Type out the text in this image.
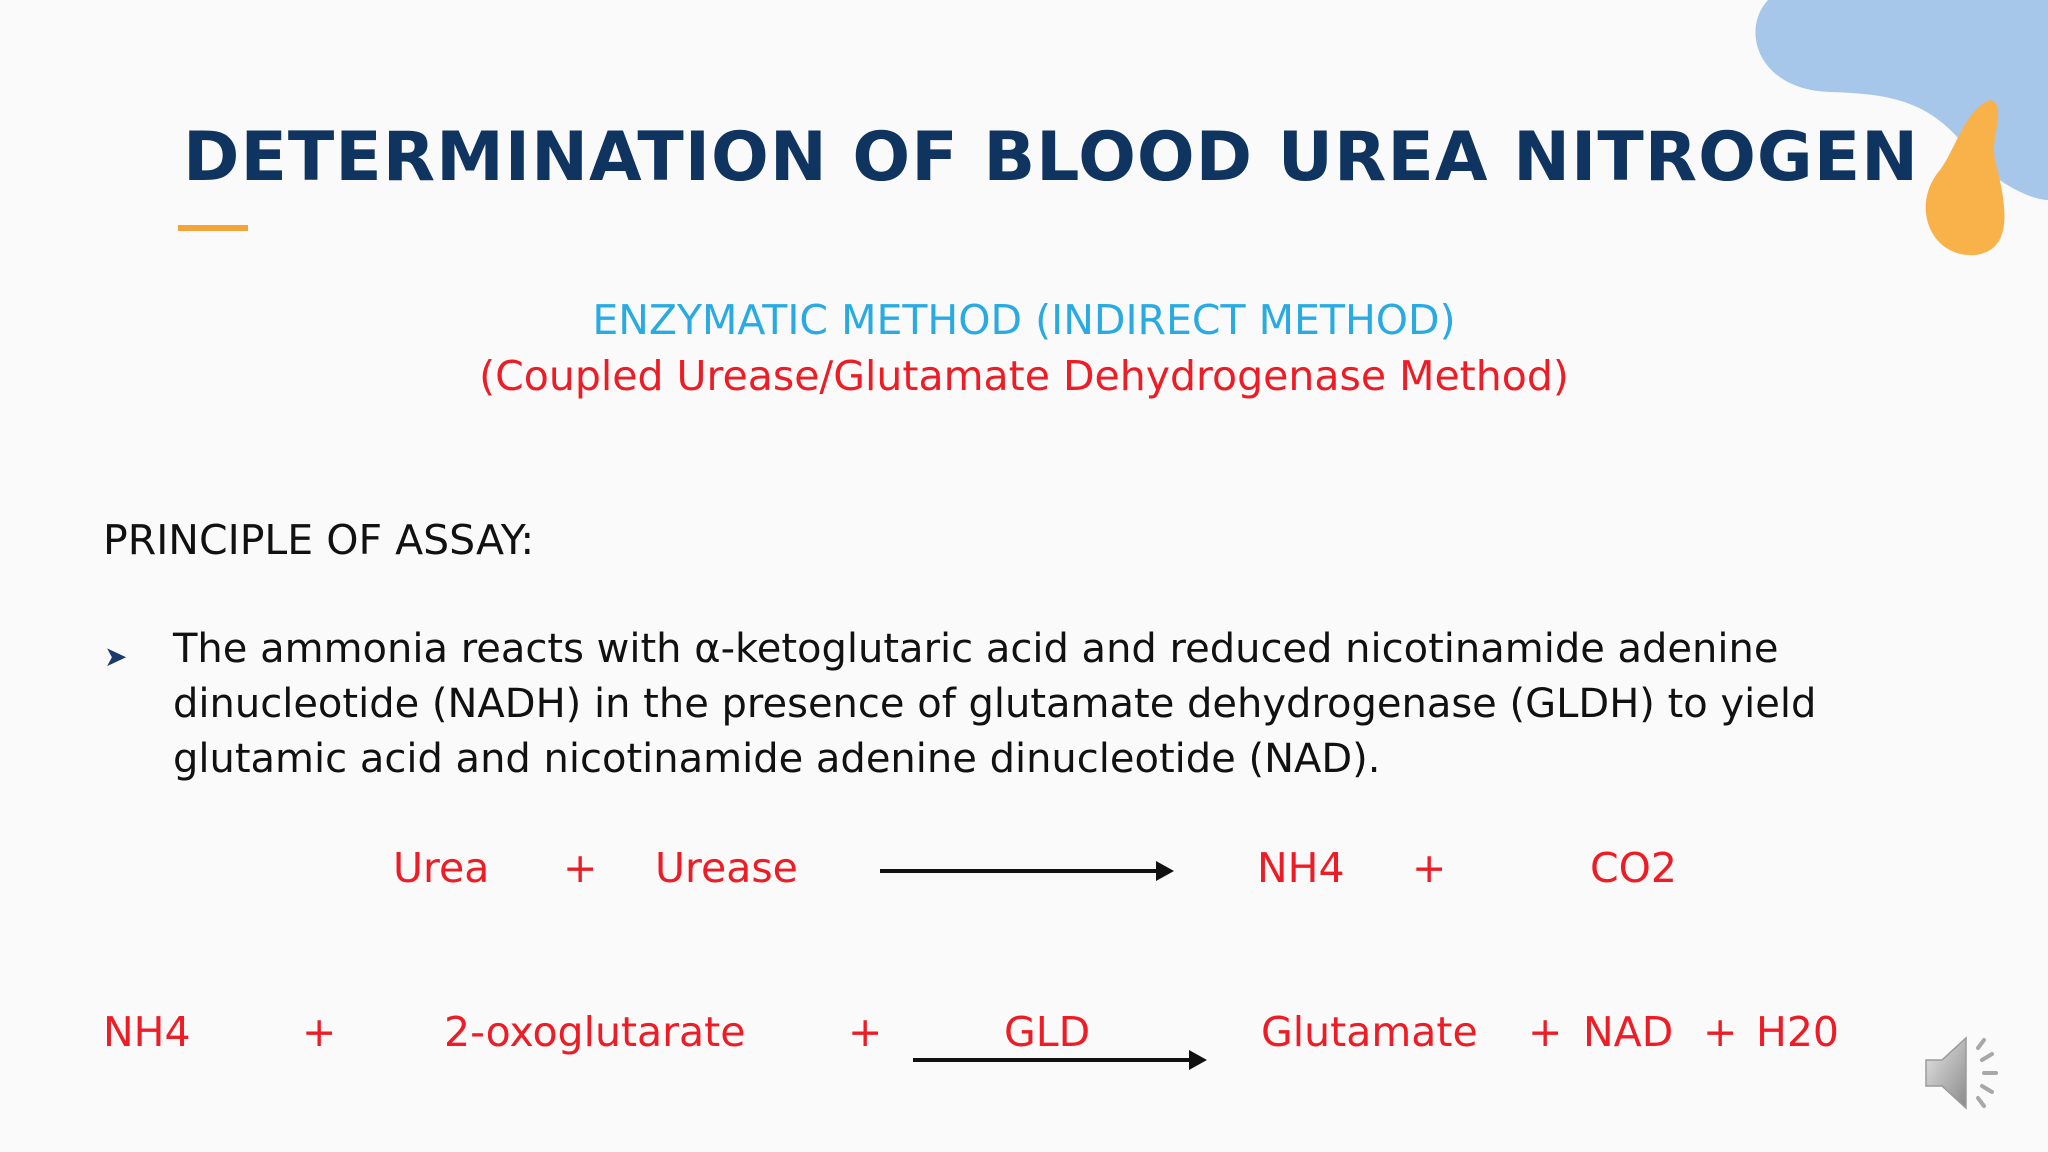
DETERMINATION OF BLOOD UREA NITROGEN
ENZYMATIC METHOD (INDIRECT METHOD)
(Coupled Urease/Glutamate Dehydrogenase Method)
PRINCIPLE OF ASSAY:
➤ The ammonia reacts with α-ketoglutaric acid and reduced nicotinamide adenine dinucleotide (NADH) in the presence of glutamate dehydrogenase (GLDH) to yield glutamic acid and nicotinamide adenine dinucleotide (NAD).
Urea + Urease	NH4 +	CO2
NH4	+	2-oxoglutarate	+	GLD	Glutamate + NAD + H20
